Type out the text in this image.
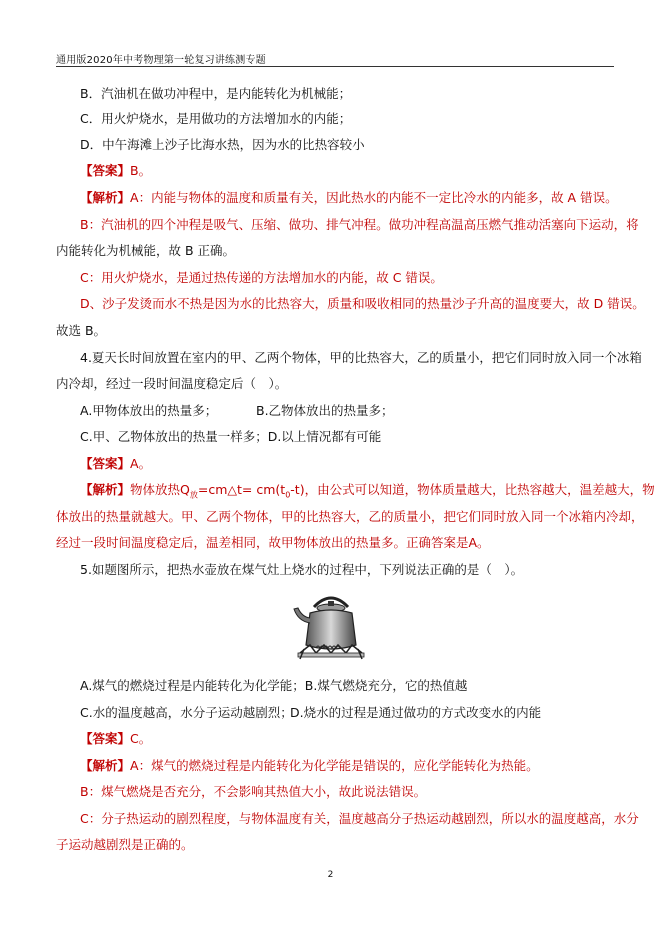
通用版2020年中考物理第一轮复习讲练测专题
B．汽油机在做功冲程中，是内能转化为机械能；
C．用火炉烧水，是用做功的方法增加水的内能；
D．中午海滩上沙子比海水热，因为水的比热容较小
【答案】B。
【解析】A：内能与物体的温度和质量有关，因此热水的内能不一定比冷水的内能多，故 A 错误。
B：汽油机的四个冲程是吸气、压缩、做功、排气冲程。做功冲程高温高压燃气推动活塞向下运动，将
内能转化为机械能，故 B 正确。
C：用火炉烧水，是通过热传递的方法增加水的内能，故 C 错误。
D、沙子发烫而水不热是因为水的比热容大，质量和吸收相同的热量沙子升高的温度要大，故 D 错误。
故选 B。
4.夏天长时间放置在室内的甲、乙两个物体，甲的比热容大，乙的质量小，把它们同时放入同一个冰箱
内冷却，经过一段时间温度稳定后（　）。
A.甲物体放出的热量多；	B.乙物体放出的热量多；
C.甲、乙物体放出的热量一样多；D.以上情况都有可能
【答案】A。
【解析】物体放热$Q_放=cm\triangle t= cm(t_0-t)$，由公式可以知道，物体质量越大，比热容越大，温差越大，物
体放出的热量就越大。甲、乙两个物体，甲的比热容大，乙的质量小，把它们同时放入同一个冰箱内冷却，
经过一段时间温度稳定后，温差相同，故甲物体放出的热量多。正确答案是A。
5.如题图所示，把热水壶放在煤气灶上烧水的过程中，下列说法正确的是（　）。
A.煤气的燃烧过程是内能转化为化学能；B.煤气燃烧充分，它的热值越
C.水的温度越高，水分子运动越剧烈；
D.烧水的过程是通过做功的方式改变水的内能
【答案】C。
【解析】A：煤气的燃烧过程是内能转化为化学能是错误的，应化学能转化为热能。
B：煤气燃烧是否充分，不会影响其热值大小，故此说法错误。
C：分子热运动的剧烈程度，与物体温度有关，温度越高分子热运动越剧烈，所以水的温度越高，水分
子运动越剧烈是正确的。
2
